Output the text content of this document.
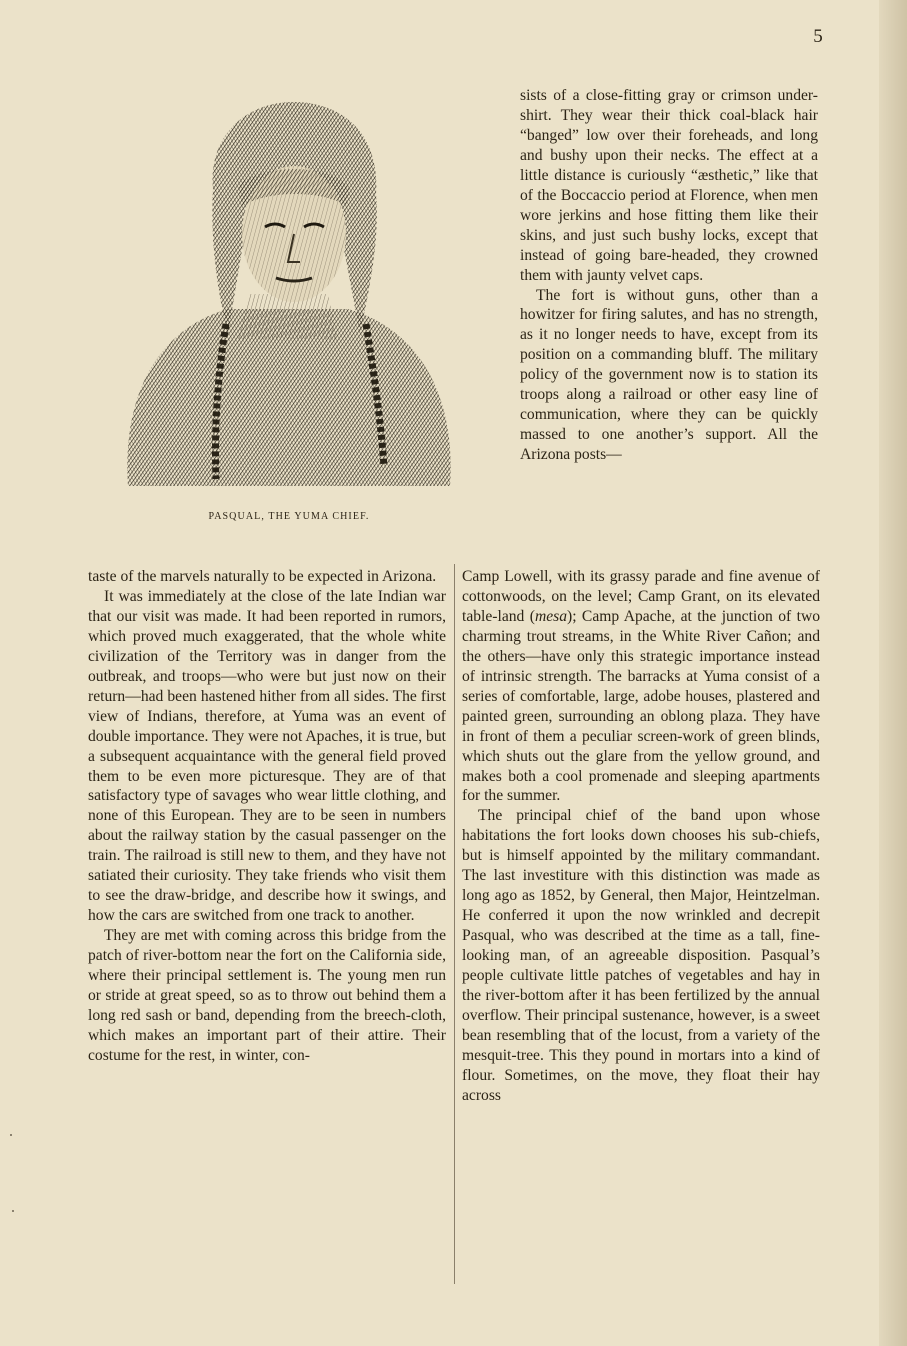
5
PASQUAL, THE YUMA CHIEF.

sists of a close-fitting gray or crimson under-shirt. They wear their thick coal-black hair “banged” low over their foreheads, and long and bushy upon their necks. The effect at a little distance is curiously “æsthetic,” like that of the Boccaccio period at Florence, when men wore jerkins and hose fitting them like their skins, and just such bushy locks, except that instead of going bare-headed, they crowned them with jaunty velvet caps.

The fort is without guns, other than a howitzer for firing salutes, and has no strength, as it no longer needs to have, except from its position on a commanding bluff. The military policy of the government now is to station its troops along a railroad or other easy line of communication, where they can be quickly massed to one another’s support. All the Arizona posts—

taste of the marvels naturally to be expected in Arizona.

It was immediately at the close of the late Indian war that our visit was made. It had been reported in rumors, which proved much exaggerated, that the whole white civilization of the Territory was in danger from the outbreak, and troops—who were but just now on their return—had been hastened hither from all sides. The first view of Indians, therefore, at Yuma was an event of double importance. They were not Apaches, it is true, but a subsequent acquaintance with the general field proved them to be even more picturesque. They are of that satisfactory type of savages who wear little clothing, and none of this European. They are to be seen in numbers about the railway station by the casual passenger on the train. The railroad is still new to them, and they have not satiated their curiosity. They take friends who visit them to see the draw-bridge, and describe how it swings, and how the cars are switched from one track to another.

They are met with coming across this bridge from the patch of river-bottom near the fort on the California side, where their principal settlement is. The young men run or stride at great speed, so as to throw out behind them a long red sash or band, depending from the breech-cloth, which makes an important part of their attire. Their costume for the rest, in winter, con-

Camp Lowell, with its grassy parade and fine avenue of cottonwoods, on the level; Camp Grant, on its elevated table-land (mesa); Camp Apache, at the junction of two charming trout streams, in the White River Cañon; and the others—have only this strategic importance instead of intrinsic strength. The barracks at Yuma consist of a series of comfortable, large, adobe houses, plastered and painted green, surrounding an oblong plaza. They have in front of them a peculiar screen-work of green blinds, which shuts out the glare from the yellow ground, and makes both a cool promenade and sleeping apartments for the summer.

The principal chief of the band upon whose habitations the fort looks down chooses his sub-chiefs, but is himself appointed by the military commandant. The last investiture with this distinction was made as long ago as 1852, by General, then Major, Heintzelman. He conferred it upon the now wrinkled and decrepit Pasqual, who was described at the time as a tall, fine-looking man, of an agreeable disposition. Pasqual’s people cultivate little patches of vegetables and hay in the river-bottom after it has been fertilized by the annual overflow. Their principal sustenance, however, is a sweet bean resembling that of the locust, from a variety of the mesquit-tree. This they pound in mortars into a kind of flour. Sometimes, on the move, they float their hay across
